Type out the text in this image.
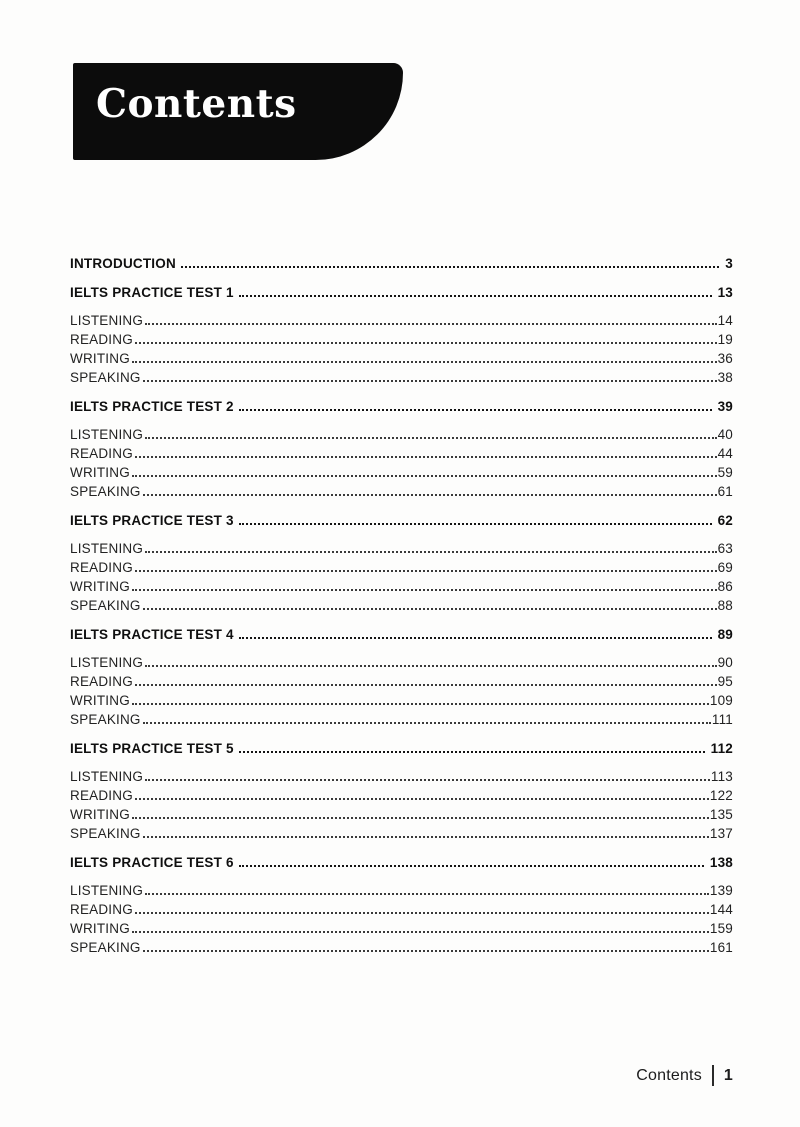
Contents
INTRODUCTION	3
IELTS PRACTICE TEST 1	13
LISTENING	14
READING	19
WRITING	36
SPEAKING	38
IELTS PRACTICE TEST 2	39
LISTENING	40
READING	44
WRITING	59
SPEAKING	61
IELTS PRACTICE TEST 3	62
LISTENING	63
READING	69
WRITING	86
SPEAKING	88
IELTS PRACTICE TEST 4	89
LISTENING	90
READING	95
WRITING	109
SPEAKING	111
IELTS PRACTICE TEST 5	112
LISTENING	113
READING	122
WRITING	135
SPEAKING	137
IELTS PRACTICE TEST 6	138
LISTENING	139
READING	144
WRITING	159
SPEAKING	161
Contents	1
